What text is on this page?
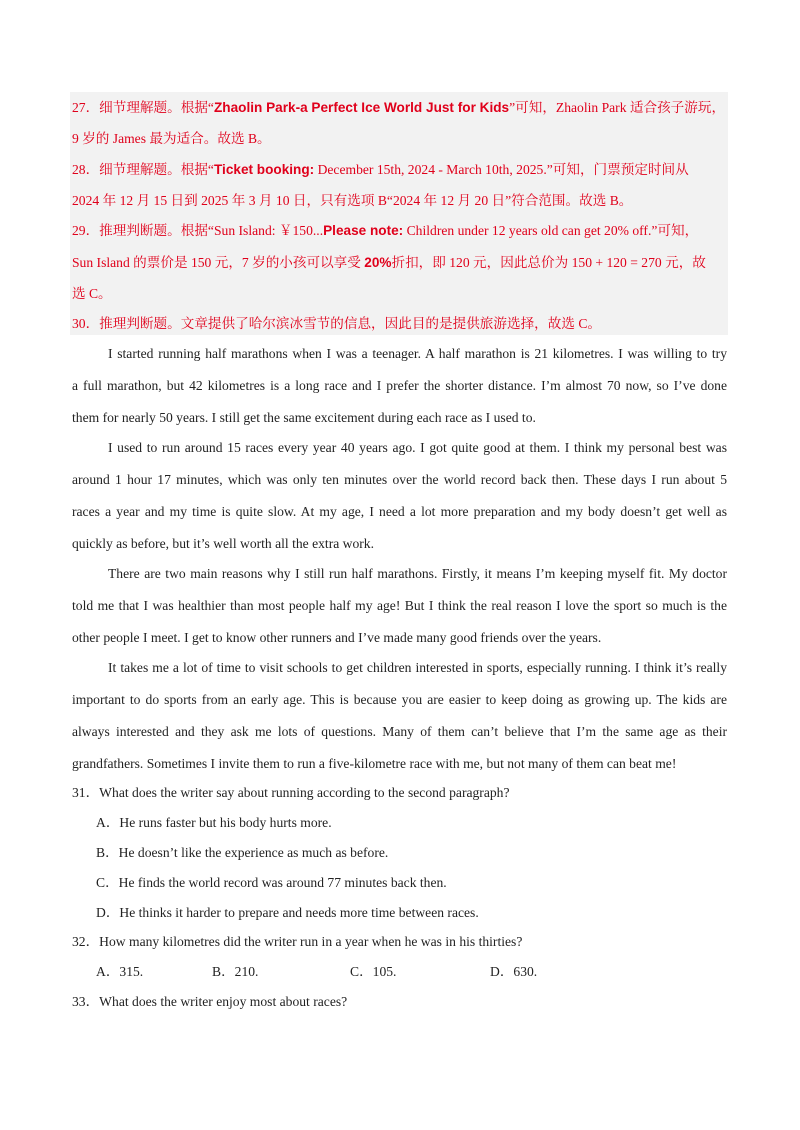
27．细节理解题。根据“Zhaolin Park-a Perfect Ice World Just for Kids”可知，Zhaolin Park 适合孩子游玩，
9 岁的 James 最为适合。故选 B。
28．细节理解题。根据“Ticket booking: December 15th, 2024 - March 10th, 2025.”可知，门票预定时间从
2024 年 12 月 15 日到 2025 年 3 月 10 日，只有选项 B“2024 年 12 月 20 日”符合范围。故选 B。
29．推理判断题。根据“Sun Island: ￥150...Please note: Children under 12 years old can get 20% off.”可知，
Sun Island 的票价是 150 元，7 岁的小孩可以享受 20%折扣，即 120 元，因此总价为 150 + 120 = 270 元，故
选 C。
30．推理判断题。文章提供了哈尔滨冰雪节的信息，因此目的是提供旅游选择，故选 C。
I started running half marathons when I was a teenager. A half marathon is 21 kilometres. I was willing to try
a full marathon, but 42 kilometres is a long race and I prefer the shorter distance. I’m almost 70 now, so I’ve done
them for nearly 50 years. I still get the same excitement during each race as I used to.
I used to run around 15 races every year 40 years ago. I got quite good at them. I think my personal best was
around 1 hour 17 minutes, which was only ten minutes over the world record back then. These days I run about 5
races a year and my time is quite slow. At my age, I need a lot more preparation and my body doesn’t get well as
quickly as before, but it’s well worth all the extra work.
There are two main reasons why I still run half marathons. Firstly, it means I’m keeping myself fit. My doctor
told me that I was healthier than most people half my age! But I think the real reason I love the sport so much is the
other people I meet. I get to know other runners and I’ve made many good friends over the years.
It takes me a lot of time to visit schools to get children interested in sports, especially running. I think it’s really
important to do sports from an early age. This is because you are easier to keep doing as growing up. The kids are
always interested and they ask me lots of questions. Many of them can’t believe that I’m the same age as their
grandfathers. Sometimes I invite them to run a five-kilometre race with me, but not many of them can beat me!
31．What does the writer say about running according to the second paragraph?
A．He runs faster but his body hurts more.
B．He doesn’t like the experience as much as before.
C．He finds the world record was around 77 minutes back then.
D．He thinks it harder to prepare and needs more time between races.
32．How many kilometres did the writer run in a year when he was in his thirties?
A．315.	B．210.	C．105.	D．630.
33．What does the writer enjoy most about races?
